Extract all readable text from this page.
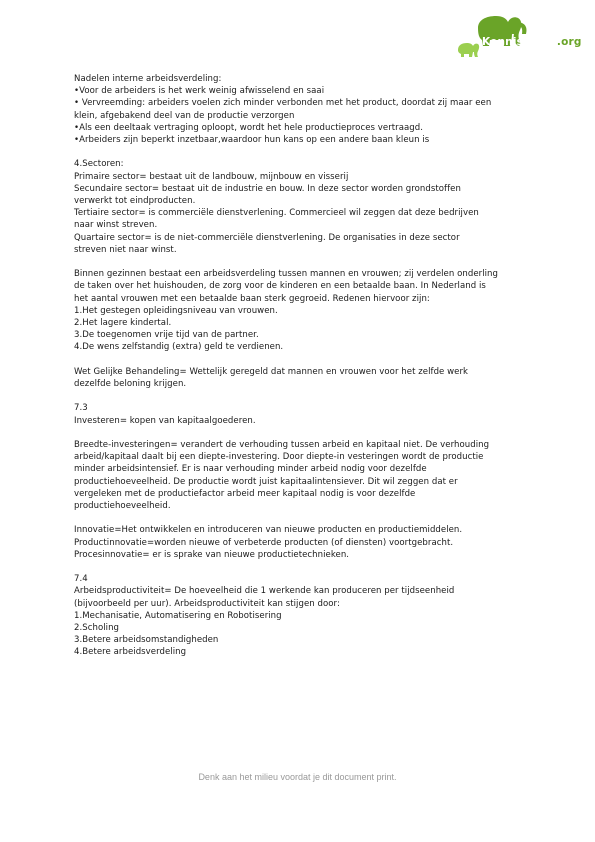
Kennisdelen.org

Nadelen interne arbeidsverdeling:

•Voor de arbeiders is het werk weinig afwisselend en saai

• Vervreemding: arbeiders voelen zich minder verbonden met het product, doordat zij maar een

klein, afgebakend deel van de productie verzorgen

•Als een deeltaak vertraging oploopt, wordt het hele productieproces vertraagd.

•Arbeiders zijn beperkt inzetbaar,waardoor hun kans op een andere baan kleun is

4.Sectoren:

Primaire sector= bestaat uit de landbouw, mijnbouw en visserij

Secundaire sector= bestaat uit de industrie en bouw. In deze sector worden grondstoffen

verwerkt tot eindproducten.

Tertiaire sector= is commerciële dienstverlening. Commercieel wil zeggen dat deze bedrijven

naar winst streven.

Quartaire sector= is de niet-commerciële dienstverlening. De organisaties in deze sector

streven niet naar winst.

Binnen gezinnen bestaat een arbeidsverdeling tussen mannen en vrouwen; zij verdelen onderling

de taken over het huishouden, de zorg voor de kinderen en een betaalde baan. In Nederland is

het aantal vrouwen met een betaalde baan sterk gegroeid. Redenen hiervoor zijn:

1.Het gestegen opleidingsniveau van vrouwen.

2.Het lagere kindertal.

3.De toegenomen vrije tijd van de partner.

4.De wens zelfstandig (extra) geld te verdienen.

Wet Gelijke Behandeling= Wettelijk geregeld dat mannen en vrouwen voor het zelfde werk

dezelfde beloning krijgen.

7.3

Investeren= kopen van kapitaalgoederen.

Breedte-investeringen= verandert de verhouding tussen arbeid en kapitaal niet. De verhouding

arbeid/kapitaal daalt bij een diepte-investering. Door diepte-in vesteringen wordt de productie

minder arbeidsintensief. Er is naar verhouding minder arbeid nodig voor dezelfde

productiehoeveelheid. De productie wordt juist kapitaalintensiever. Dit wil zeggen dat er

vergeleken met de productiefactor arbeid meer kapitaal nodig is voor dezelfde

productiehoeveelheid.

Innovatie=Het ontwikkelen en introduceren van nieuwe producten en productiemiddelen.

Productinnovatie=worden nieuwe of verbeterde producten (of diensten) voortgebracht.

Procesinnovatie= er is sprake van nieuwe productietechnieken.

7.4

Arbeidsproductiviteit= De hoeveelheid die 1 werkende kan produceren per tijdseenheid

(bijvoorbeeld per uur). Arbeidsproductiviteit kan stijgen door:

1.Mechanisatie, Automatisering en Robotisering

2.Scholing

3.Betere arbeidsomstandigheden

4.Betere arbeidsverdeling

Denk aan het milieu voordat je dit document print.
